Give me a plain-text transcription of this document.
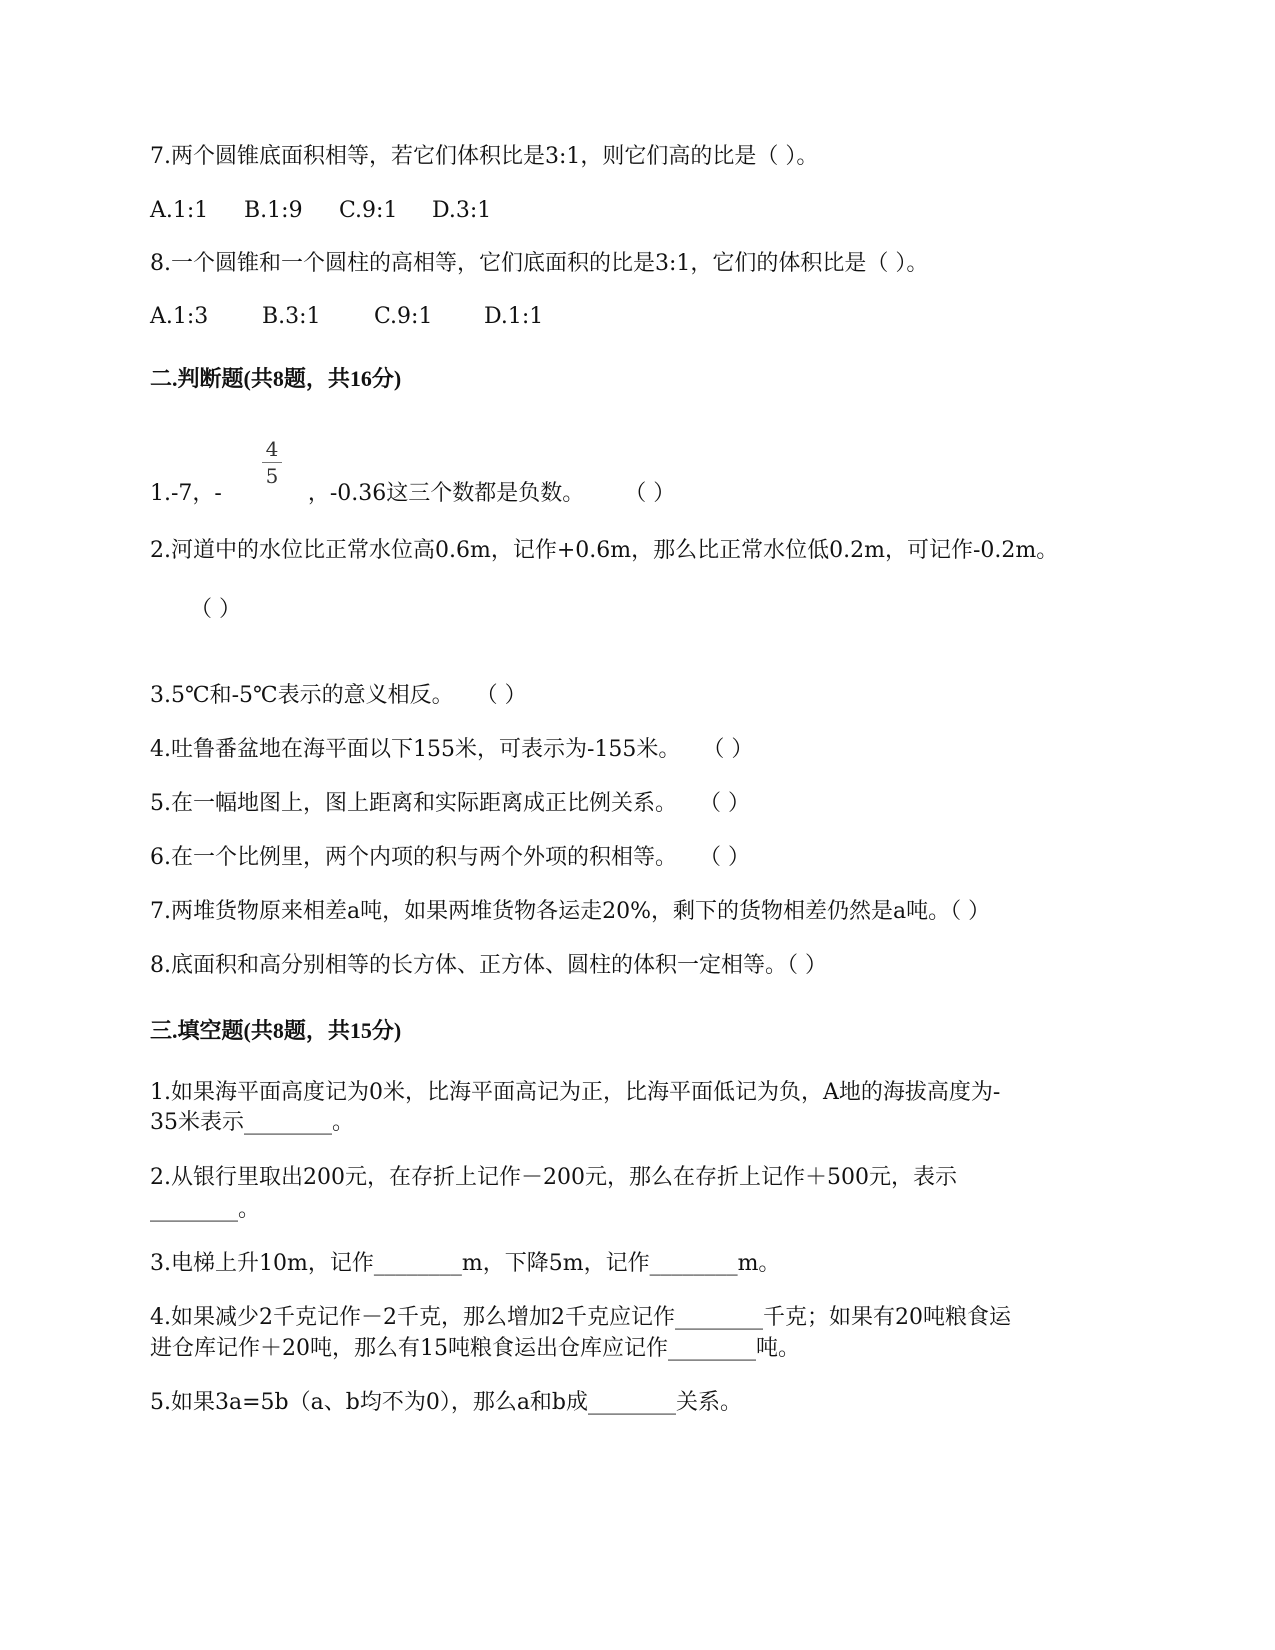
7.两个圆锥底面积相等，若它们体积比是3:1，则它们高的比是（ ）。
A.1:1 B.1:9 C.9:1 D.3:1
8.一个圆锥和一个圆柱的高相等，它们底面积的比是3:1，它们的体积比是（ ）。
A.1:3 B.3:1 C.9:1 D.1:1
二.判断题(共8题，共16分)
4
5
1.-7，-	，-0.36这三个数都是负数。 （ ）
2.河道中的水位比正常水位高0.6m，记作+0.6m，那么比正常水位低0.2m，可记作-0.2m。
（ ）
3.5℃和-5℃表示的意义相反。　　（ ）
4.吐鲁番盆地在海平面以下155米，可表示为-155米。　　（ ）
5.在一幅地图上，图上距离和实际距离成正比例关系。　　（ ）
6.在一个比例里，两个内项的积与两个外项的积相等。　　（ ）
7.两堆货物原来相差a吨，如果两堆货物各运走20%，剩下的货物相差仍然是a吨。（ ）
8.底面积和高分别相等的长方体、正方体、圆柱的体积一定相等。（ ）
三.填空题(共8题，共15分)
1.如果海平面高度记为0米，比海平面高记为正，比海平面低记为负，A地的海拔高度为-
35米表示________。
2.从银行里取出200元，在存折上记作－200元，那么在存折上记作＋500元，表示
________。
3.电梯上升10m，记作________m，下降5m，记作________m。
4.如果减少2千克记作－2千克，那么增加2千克应记作________千克；如果有20吨粮食运
进仓库记作＋20吨，那么有15吨粮食运出仓库应记作________吨。
5.如果3a=5b（a、b均不为0），那么a和b成________关系。
